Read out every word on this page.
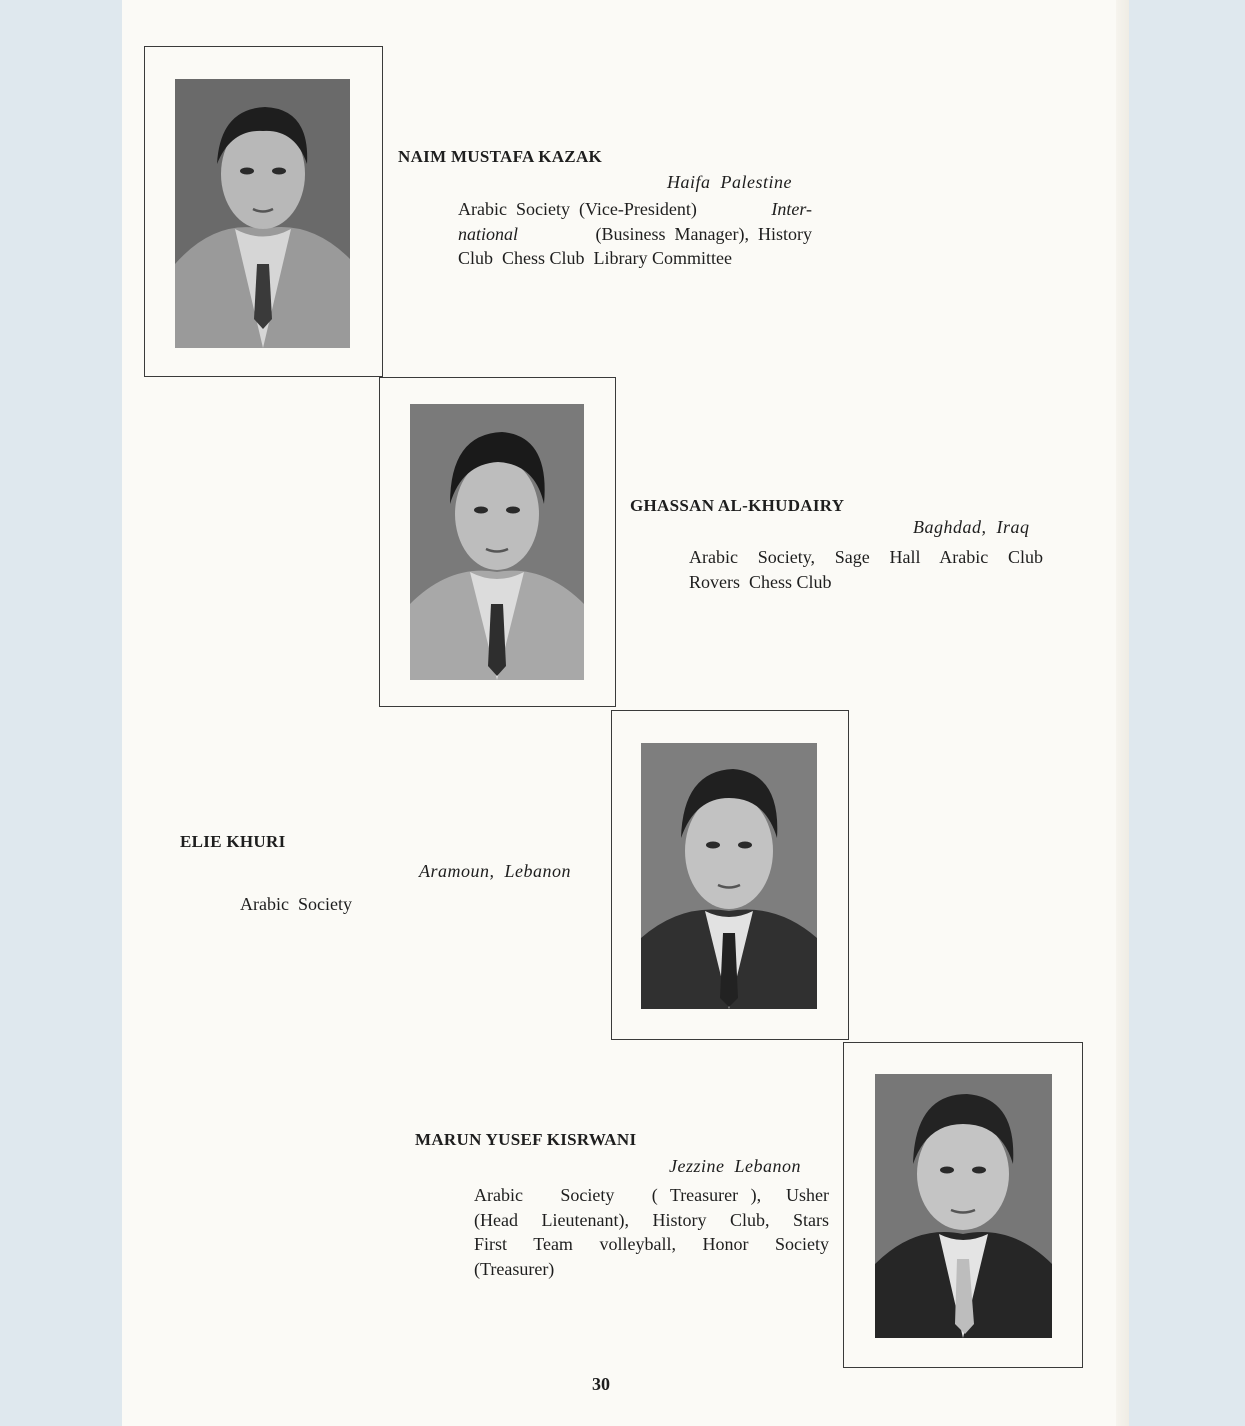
NAIM MUSTAFA KAZAK
Haifa  Palestine
Arabic  Society  (Vice-President)	Inter-
national	(Business  Manager),  History
Club  Chess Club  Library Committee
GHASSAN AL-KHUDAIRY
Baghdad,  Iraq
Arabic  Society,  Sage  Hall  Arabic  Club
Rovers  Chess Club
ELIE KHURI
Aramoun,  Lebanon
Arabic  Society
MARUN YUSEF KISRWANI
Jezzine  Lebanon
Arabic   Society   ( Treasurer ),  Usher
(Head  Lieutenant),  History  Club,  Stars
First  Team  volleyball,  Honor  Society
(Treasurer)
30
